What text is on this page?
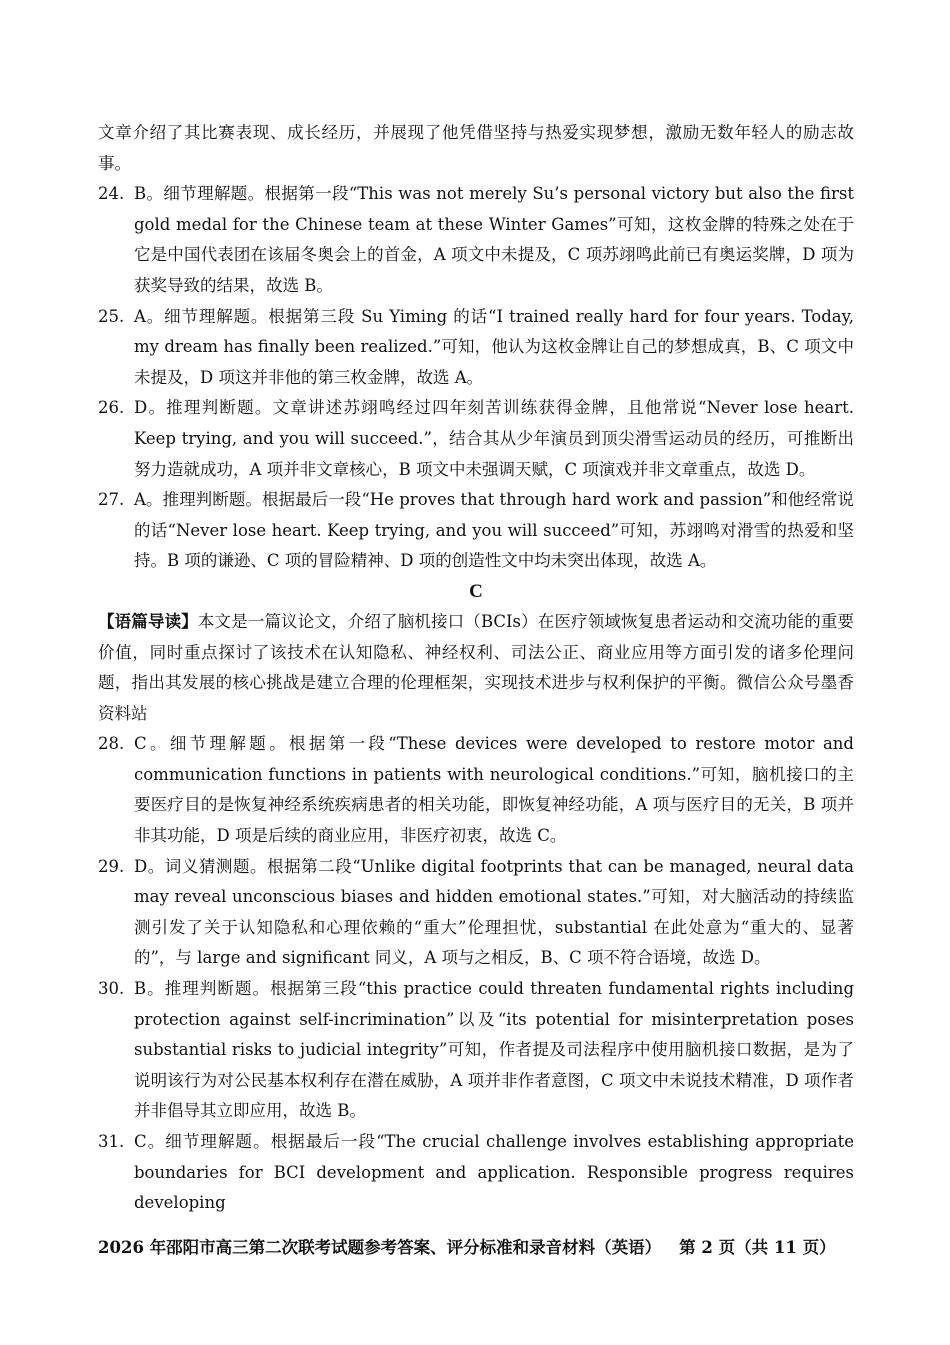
文章介绍了其比赛表现、成长经历，并展现了他凭借坚持与热爱实现梦想，激励无数年轻人的励志故事。

24. B。细节理解题。根据第一段“This was not merely Su’s personal victory but also the first gold medal for the Chinese team at these Winter Games”可知，这枚金牌的特殊之处在于它是中国代表团在该届冬奥会上的首金，A 项文中未提及，C 项苏翊鸣此前已有奥运奖牌，D 项为获奖导致的结果，故选 B。

25. A。细节理解题。根据第三段 Su Yiming 的话“I trained really hard for four years. Today, my dream has finally been realized.”可知，他认为这枚金牌让自己的梦想成真，B、C 项文中未提及，D 项这并非他的第三枚金牌，故选 A。

26. D。推理判断题。文章讲述苏翊鸣经过四年刻苦训练获得金牌，且他常说“Never lose heart. Keep trying, and you will succeed.”，结合其从少年演员到顶尖滑雪运动员的经历，可推断出努力造就成功，A 项并非文章核心，B 项文中未强调天赋，C 项演戏并非文章重点，故选 D。

27. A。推理判断题。根据最后一段“He proves that through hard work and passion”和他经常说的话“Never lose heart. Keep trying, and you will succeed”可知，苏翊鸣对滑雪的热爱和坚持。B 项的谦逊、C 项的冒险精神、D 项的创造性文中均未突出体现，故选 A。

C

【语篇导读】本文是一篇议论文，介绍了脑机接口（BCIs）在医疗领域恢复患者运动和交流功能的重要价值，同时重点探讨了该技术在认知隐私、神经权利、司法公正、商业应用等方面引发的诸多伦理问题，指出其发展的核心挑战是建立合理的伦理框架，实现技术进步与权利保护的平衡。微信公众号墨香资料站

28. C。细节理解题。根据第一段“These devices were developed to restore motor and communication functions in patients with neurological conditions.”可知，脑机接口的主要医疗目的是恢复神经系统疾病患者的相关功能，即恢复神经功能，A 项与医疗目的无关，B 项并非其功能，D 项是后续的商业应用，非医疗初衷，故选 C。

29. D。词义猜测题。根据第二段“Unlike digital footprints that can be managed, neural data may reveal unconscious biases and hidden emotional states.”可知，对大脑活动的持续监测引发了关于认知隐私和心理依赖的“重大”伦理担忧，substantial 在此处意为“重大的、显著的”，与 large and significant 同义，A 项与之相反，B、C 项不符合语境，故选 D。

30. B。推理判断题。根据第三段“this practice could threaten fundamental rights including protection against self-incrimination”以及“its potential for misinterpretation poses substantial risks to judicial integrity”可知，作者提及司法程序中使用脑机接口数据，是为了说明该行为对公民基本权利存在潜在威胁，A 项并非作者意图，C 项文中未说技术精准，D 项作者并非倡导其立即应用，故选 B。

31. C。细节理解题。根据最后一段“The crucial challenge involves establishing appropriate boundaries for BCI development and application. Responsible progress requires developing

2026 年邵阳市高三第二次联考试题参考答案、评分标准和录音材料（英语） 第 2 页（共 11 页）
